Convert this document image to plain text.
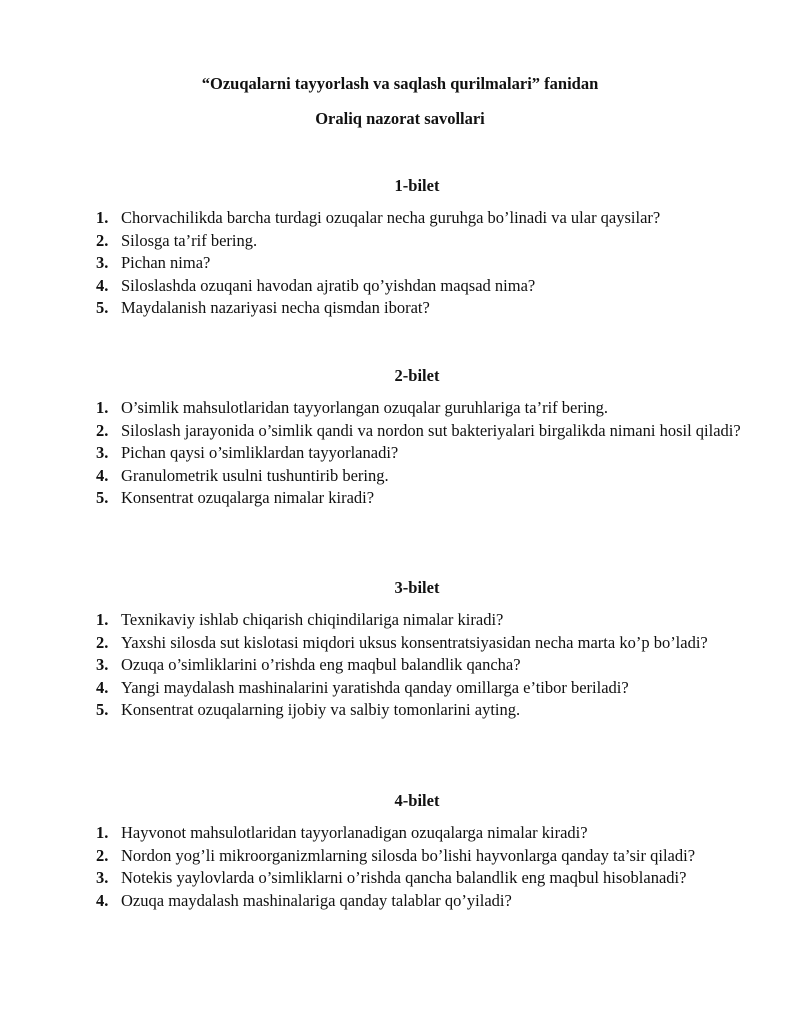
“Ozuqalarni tayyorlash va saqlash qurilmalari” fanidan
Oraliq nazorat savollari
1-bilet
1. Chorvachilikda barcha turdagi ozuqalar necha guruhga bo’linadi va ular qaysilar?
2. Silosga ta’rif bering.
3. Pichan nima?
4. Siloslashda ozuqani havodan ajratib qo’yishdan maqsad nima?
5. Maydalanish nazariyasi necha qismdan iborat?
2-bilet
1. O’simlik mahsulotlaridan tayyorlangan ozuqalar guruhlariga ta’rif bering.
2. Siloslash jarayonida o’simlik qandi va nordon sut bakteriyalari birgalikda nimani hosil qiladi?
3. Pichan qaysi o’simliklardan tayyorlanadi?
4. Granulometrik usulni tushuntirib bering.
5. Konsentrat ozuqalarga nimalar kiradi?
3-bilet
1. Texnikaviy ishlab chiqarish chiqindilariga nimalar kiradi?
2. Yaxshi silosda sut kislotasi miqdori uksus konsentratsiyasidan necha marta ko’p bo’ladi?
3. Ozuqa o’simliklarini o’rishda eng maqbul balandlik qancha?
4. Yangi maydalash mashinalarini yaratishda qanday omillarga e’tibor beriladi?
5. Konsentrat ozuqalarning ijobiy va salbiy tomonlarini ayting.
4-bilet
1. Hayvonot mahsulotlaridan tayyorlanadigan ozuqalarga nimalar kiradi?
2. Nordon yog’li mikroorganizmlarning silosda bo’lishi hayvonlarga qanday ta’sir qiladi?
3. Notekis yaylovlarda o’simliklarni o’rishda qancha balandlik eng maqbul hisoblanadi?
4. Ozuqa maydalash mashinalariga qanday talablar qo’yiladi?
